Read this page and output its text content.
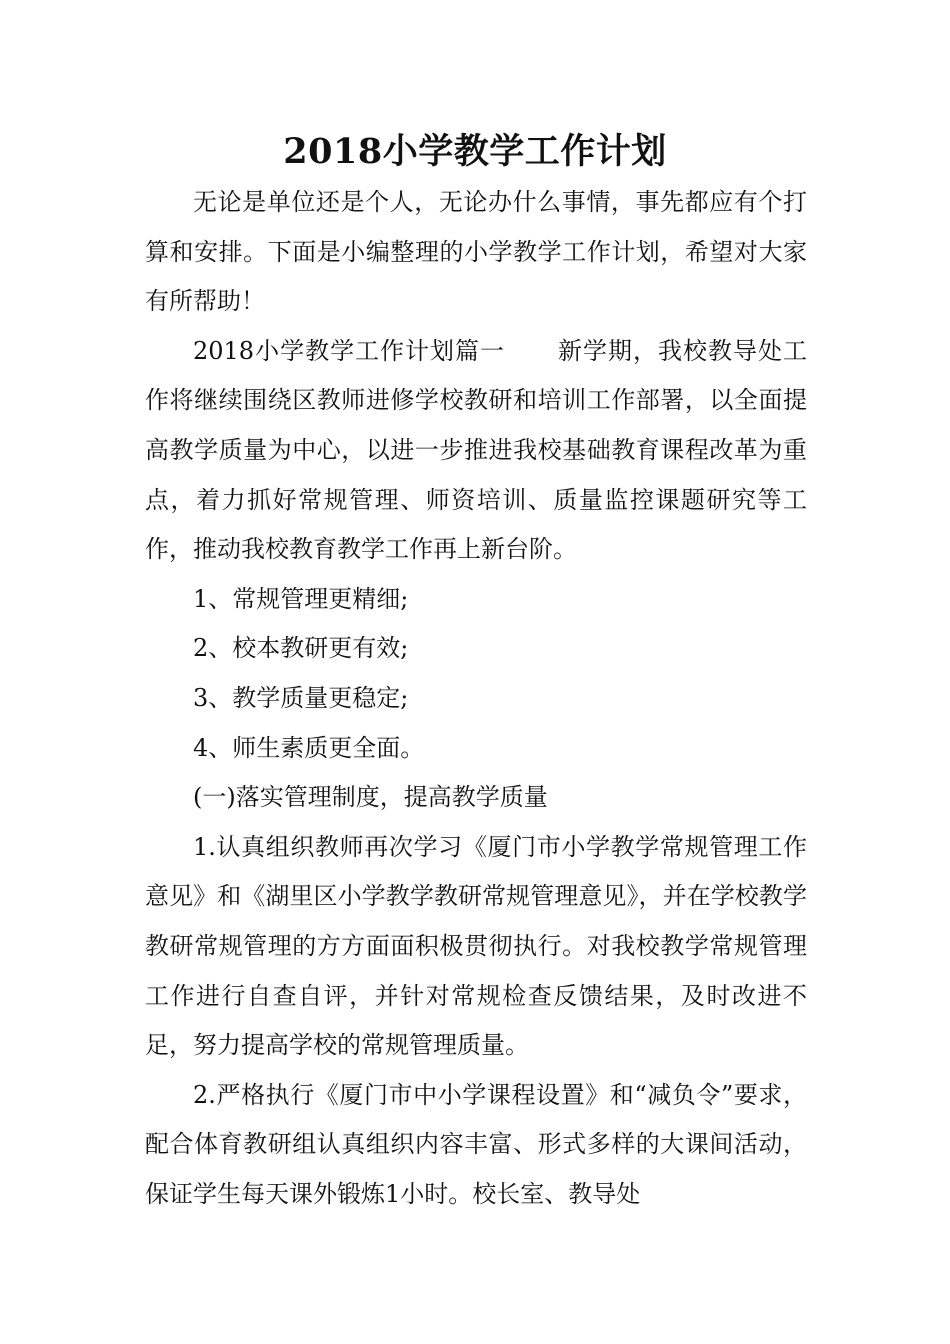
2018小学教学工作计划

无论是单位还是个人，无论办什么事情，事先都应有个打算和安排。下面是小编整理的小学教学工作计划，希望对大家有所帮助！

2018小学教学工作计划篇一 新学期，我校教导处工作将继续围绕区教师进修学校教研和培训工作部署，以全面提高教学质量为中心，以进一步推进我校基础教育课程改革为重点，着力抓好常规管理、师资培训、质量监控课题研究等工作，推动我校教育教学工作再上新台阶。

1、常规管理更精细;

2、校本教研更有效;

3、教学质量更稳定;

4、师生素质更全面。

(一)落实管理制度，提高教学质量

1.认真组织教师再次学习《厦门市小学教学常规管理工作意见》和《湖里区小学教学教研常规管理意见》，并在学校教学教研常规管理的方方面面积极贯彻执行。对我校教学常规管理工作进行自查自评，并针对常规检查反馈结果，及时改进不足，努力提高学校的常规管理质量。

2.严格执行《厦门市中小学课程设置》和“减负令”要求，配合体育教研组认真组织内容丰富、形式多样的大课间活动，保证学生每天课外锻炼1小时。校长室、教导处
